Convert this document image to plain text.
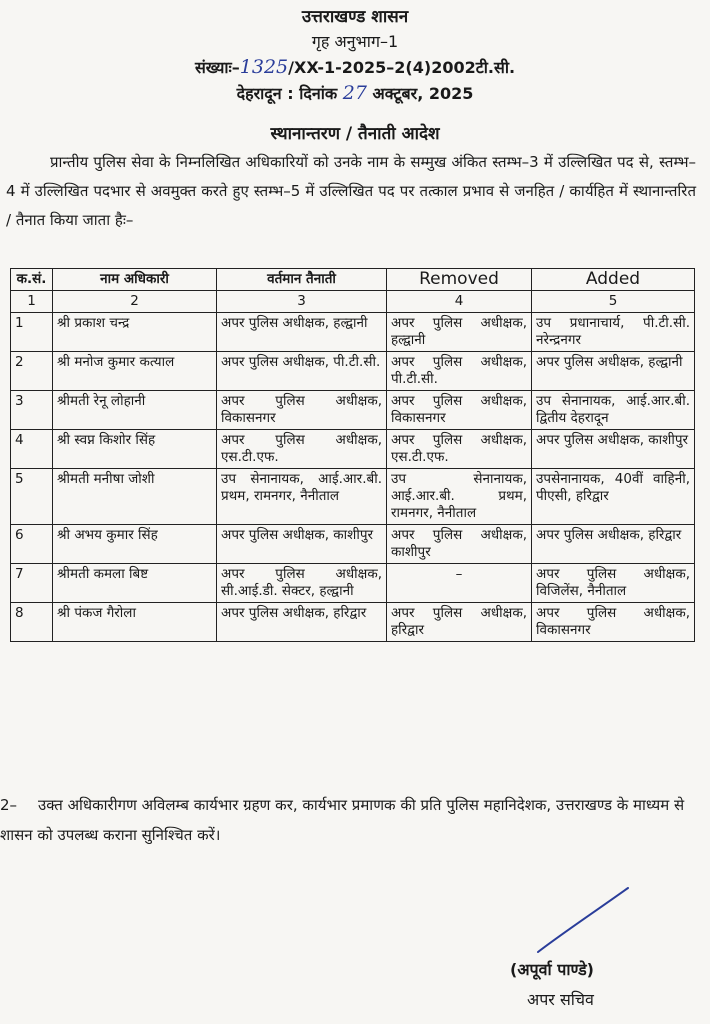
उत्तराखण्ड शासन
गृह अनुभाग–1
संख्याः–1325/XX-1-2025–2(4)2002टी.सी.
देहरादून : दिनांक 27 अक्टूबर, 2025
स्थानान्तरण / तैनाती आदेश
प्रान्तीय पुलिस सेवा के निम्नलिखित अधिकारियों को उनके नाम के सम्मुख अंकित स्तम्भ–3 में उल्लिखित पद से, स्तम्भ–4 में उल्लिखित पदभार से अवमुक्त करते हुए स्तम्भ–5 में उल्लिखित पद पर तत्काल प्रभाव से जनहित / कार्यहित में स्थानान्तरित / तैनात किया जाता हैः–
क.सं.	नाम अधिकारी	वर्तमान तैनाती	Removed	Added
1	2	3	4	5
1	श्री प्रकाश चन्द्र	अपर पुलिस अधीक्षक, हल्द्वानी	अपर पुलिस अधीक्षक, हल्द्वानी	उप प्रधानाचार्य, पी.टी.सी. नरेन्द्रनगर
2	श्री मनोज कुमार कत्याल	अपर पुलिस अधीक्षक, पी.टी.सी.	अपर पुलिस अधीक्षक, पी.टी.सी.	अपर पुलिस अधीक्षक, हल्द्वानी
3	श्रीमती रेनू लोहानी	अपर पुलिस अधीक्षक, विकासनगर	अपर पुलिस अधीक्षक, विकासनगर	उप सेनानायक, आई.आर.बी. द्वितीय देहरादून
4	श्री स्वप्न किशोर सिंह	अपर पुलिस अधीक्षक, एस.टी.एफ.	अपर पुलिस अधीक्षक, एस.टी.एफ.	अपर पुलिस अधीक्षक, काशीपुर
5	श्रीमती मनीषा जोशी	उप सेनानायक, आई.आर.बी. प्रथम, रामनगर, नैनीताल	उप सेनानायक, आई.आर.बी. प्रथम, रामनगर, नैनीताल	उपसेनानायक, 40वीं वाहिनी, पीएसी, हरिद्वार
6	श्री अभय कुमार सिंह	अपर पुलिस अधीक्षक, काशीपुर	अपर पुलिस अधीक्षक, काशीपुर	अपर पुलिस अधीक्षक, हरिद्वार
7	श्रीमती कमला बिष्ट	अपर पुलिस अधीक्षक, सी.आई.डी. सेक्टर, हल्द्वानी	–	अपर पुलिस अधीक्षक, विजिलेंस, नैनीताल
8	श्री पंकज गैरोला	अपर पुलिस अधीक्षक, हरिद्वार	अपर पुलिस अधीक्षक, हरिद्वार	अपर पुलिस अधीक्षक, विकासनगर
2– उक्त अधिकारीगण अविलम्ब कार्यभार ग्रहण कर, कार्यभार प्रमाणक की प्रति पुलिस महानिदेशक, उत्तराखण्ड के माध्यम से शासन को उपलब्ध कराना सुनिश्चित करें।
(अपूर्वा पाण्डे)
अपर सचिव
